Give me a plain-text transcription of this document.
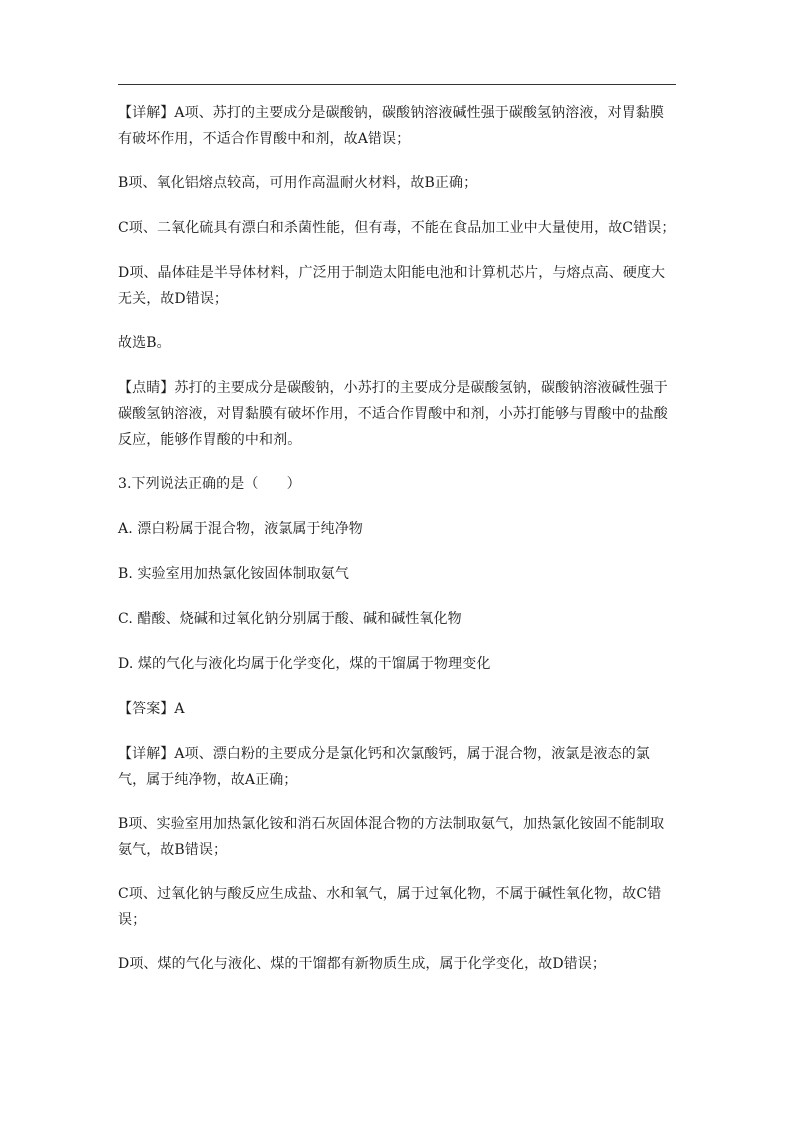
【详解】A项、苏打的主要成分是碳酸钠，碳酸钠溶液碱性强于碳酸氢钠溶液，对胃黏膜有破坏作用，不适合作胃酸中和剂，故A错误；

B项、氧化铝熔点较高，可用作高温耐火材料，故B正确；

C项、二氧化硫具有漂白和杀菌性能，但有毒，不能在食品加工业中大量使用，故C错误；

D项、晶体硅是半导体材料，广泛用于制造太阳能电池和计算机芯片，与熔点高、硬度大无关，故D错误；

故选B。

【点睛】苏打的主要成分是碳酸钠，小苏打的主要成分是碳酸氢钠，碳酸钠溶液碱性强于碳酸氢钠溶液，对胃黏膜有破坏作用，不适合作胃酸中和剂，小苏打能够与胃酸中的盐酸反应，能够作胃酸的中和剂。

3.下列说法正确的是（　　）

A. 漂白粉属于混合物，液氯属于纯净物

B. 实验室用加热氯化铵固体制取氨气

C. 醋酸、烧碱和过氧化钠分别属于酸、碱和碱性氧化物

D. 煤的气化与液化均属于化学变化，煤的干馏属于物理变化

【答案】A

【详解】A项、漂白粉的主要成分是氯化钙和次氯酸钙，属于混合物，液氯是液态的氯气，属于纯净物，故A正确；

B项、实验室用加热氯化铵和消石灰固体混合物的方法制取氨气，加热氯化铵固不能制取氨气，故B错误；

C项、过氧化钠与酸反应生成盐、水和氧气，属于过氧化物，不属于碱性氧化物，故C错误；

D项、煤的气化与液化、煤的干馏都有新物质生成，属于化学变化，故D错误；
